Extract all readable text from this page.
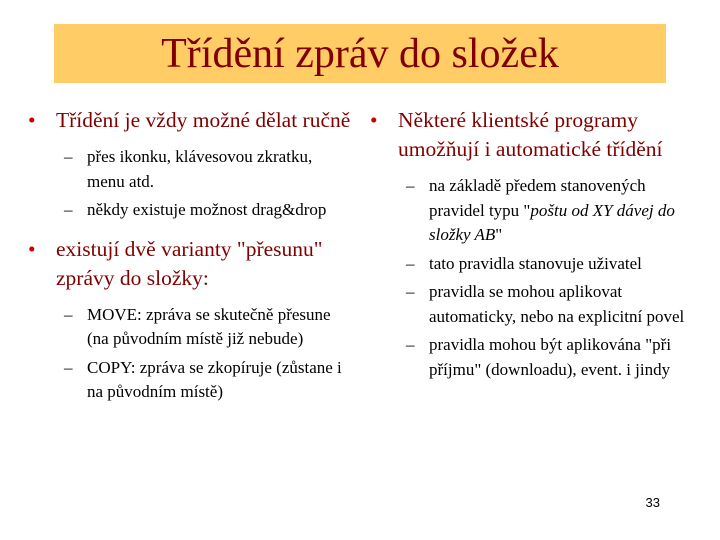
Třídění zpráv do složek
• Třídění je vždy možné dělat ručně
– přes ikonku, klávesovou zkratku, menu atd.
– někdy existuje možnost drag&drop
• existují dvě varianty "přesunu" zprávy do složky:
– MOVE: zpráva se skutečně přesune (na původním místě již nebude)
– COPY: zpráva se zkopíruje (zůstane i na původním místě)
• Některé klientské programy umožňují i automatické třídění
– na základě předem stanovených pravidel typu "poštu od XY dávej do složky AB"
– tato pravidla stanovuje uživatel
– pravidla se mohou aplikovat automaticky, nebo na explicitní povel
– pravidla mohou být aplikována "při příjmu" (downloadu), event. i jindy
33
